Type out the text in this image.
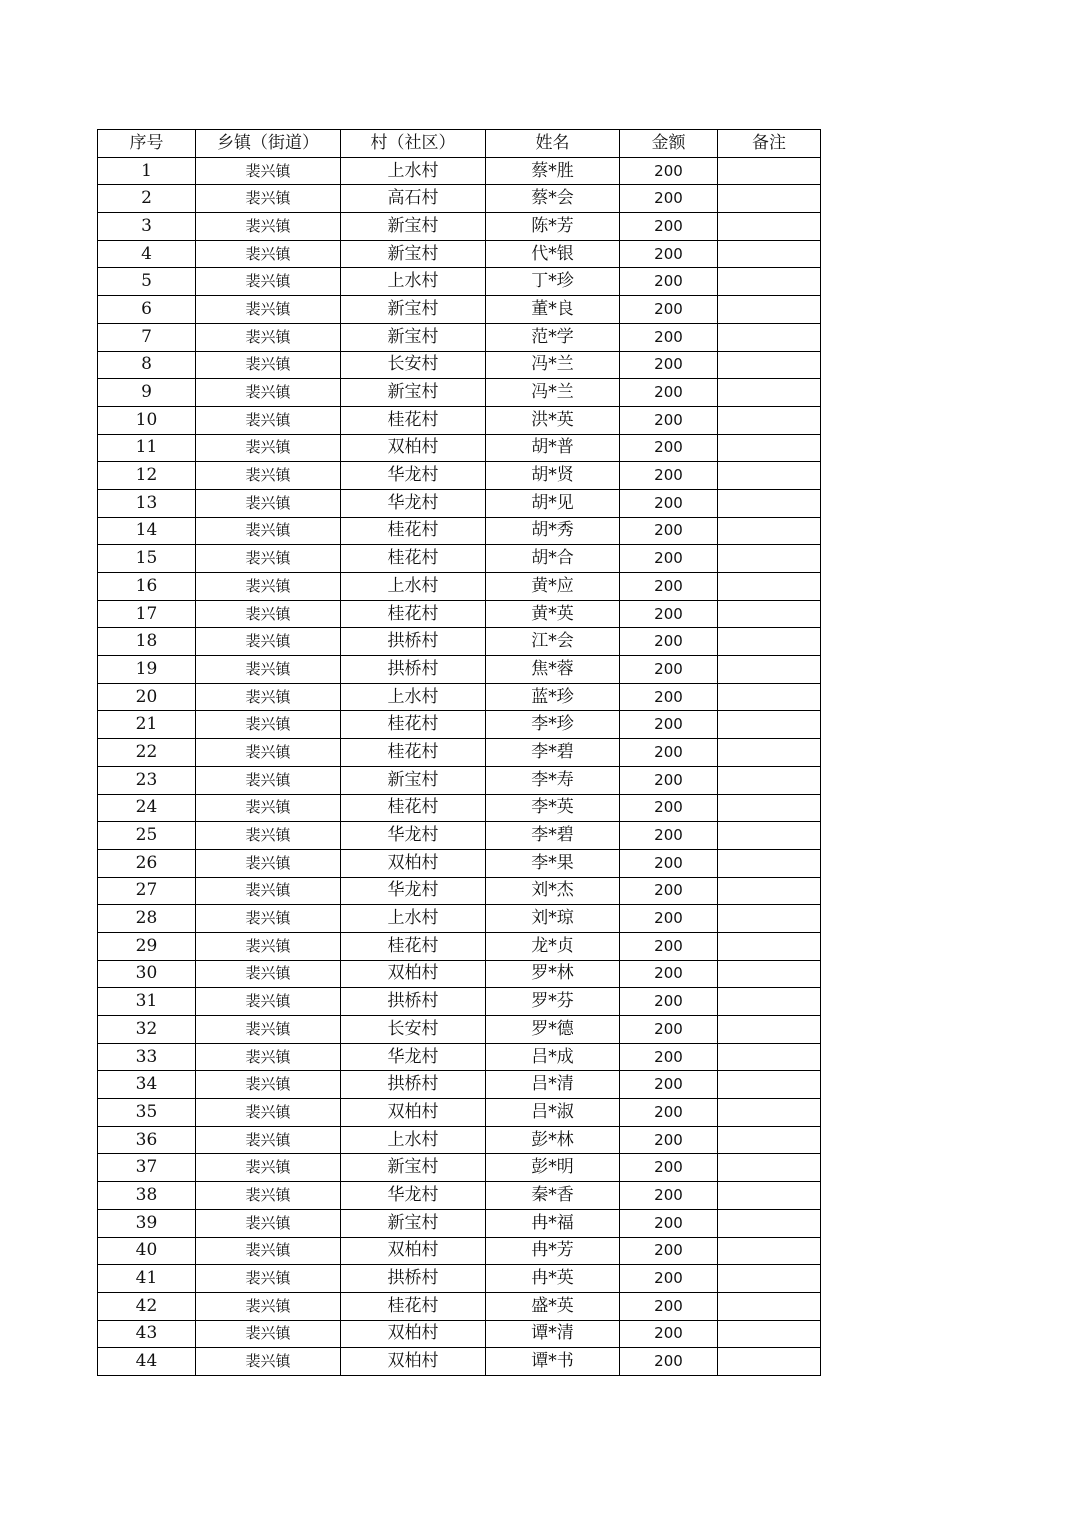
序号	乡镇（街道）	村（社区）	姓名	金额	备注
1	裴兴镇	上水村	蔡*胜	200	
2	裴兴镇	高石村	蔡*会	200	
3	裴兴镇	新宝村	陈*芳	200	
4	裴兴镇	新宝村	代*银	200	
5	裴兴镇	上水村	丁*珍	200	
6	裴兴镇	新宝村	董*良	200	
7	裴兴镇	新宝村	范*学	200	
8	裴兴镇	长安村	冯*兰	200	
9	裴兴镇	新宝村	冯*兰	200	
10	裴兴镇	桂花村	洪*英	200	
11	裴兴镇	双柏村	胡*普	200	
12	裴兴镇	华龙村	胡*贤	200	
13	裴兴镇	华龙村	胡*见	200	
14	裴兴镇	桂花村	胡*秀	200	
15	裴兴镇	桂花村	胡*合	200	
16	裴兴镇	上水村	黄*应	200	
17	裴兴镇	桂花村	黄*英	200	
18	裴兴镇	拱桥村	江*会	200	
19	裴兴镇	拱桥村	焦*蓉	200	
20	裴兴镇	上水村	蓝*珍	200	
21	裴兴镇	桂花村	李*珍	200	
22	裴兴镇	桂花村	李*碧	200	
23	裴兴镇	新宝村	李*寿	200	
24	裴兴镇	桂花村	李*英	200	
25	裴兴镇	华龙村	李*碧	200	
26	裴兴镇	双柏村	李*果	200	
27	裴兴镇	华龙村	刘*杰	200	
28	裴兴镇	上水村	刘*琼	200	
29	裴兴镇	桂花村	龙*贞	200	
30	裴兴镇	双柏村	罗*林	200	
31	裴兴镇	拱桥村	罗*芬	200	
32	裴兴镇	长安村	罗*德	200	
33	裴兴镇	华龙村	吕*成	200	
34	裴兴镇	拱桥村	吕*清	200	
35	裴兴镇	双柏村	吕*淑	200	
36	裴兴镇	上水村	彭*林	200	
37	裴兴镇	新宝村	彭*明	200	
38	裴兴镇	华龙村	秦*香	200	
39	裴兴镇	新宝村	冉*福	200	
40	裴兴镇	双柏村	冉*芳	200	
41	裴兴镇	拱桥村	冉*英	200	
42	裴兴镇	桂花村	盛*英	200	
43	裴兴镇	双柏村	谭*清	200	
44	裴兴镇	双柏村	谭*书	200	
